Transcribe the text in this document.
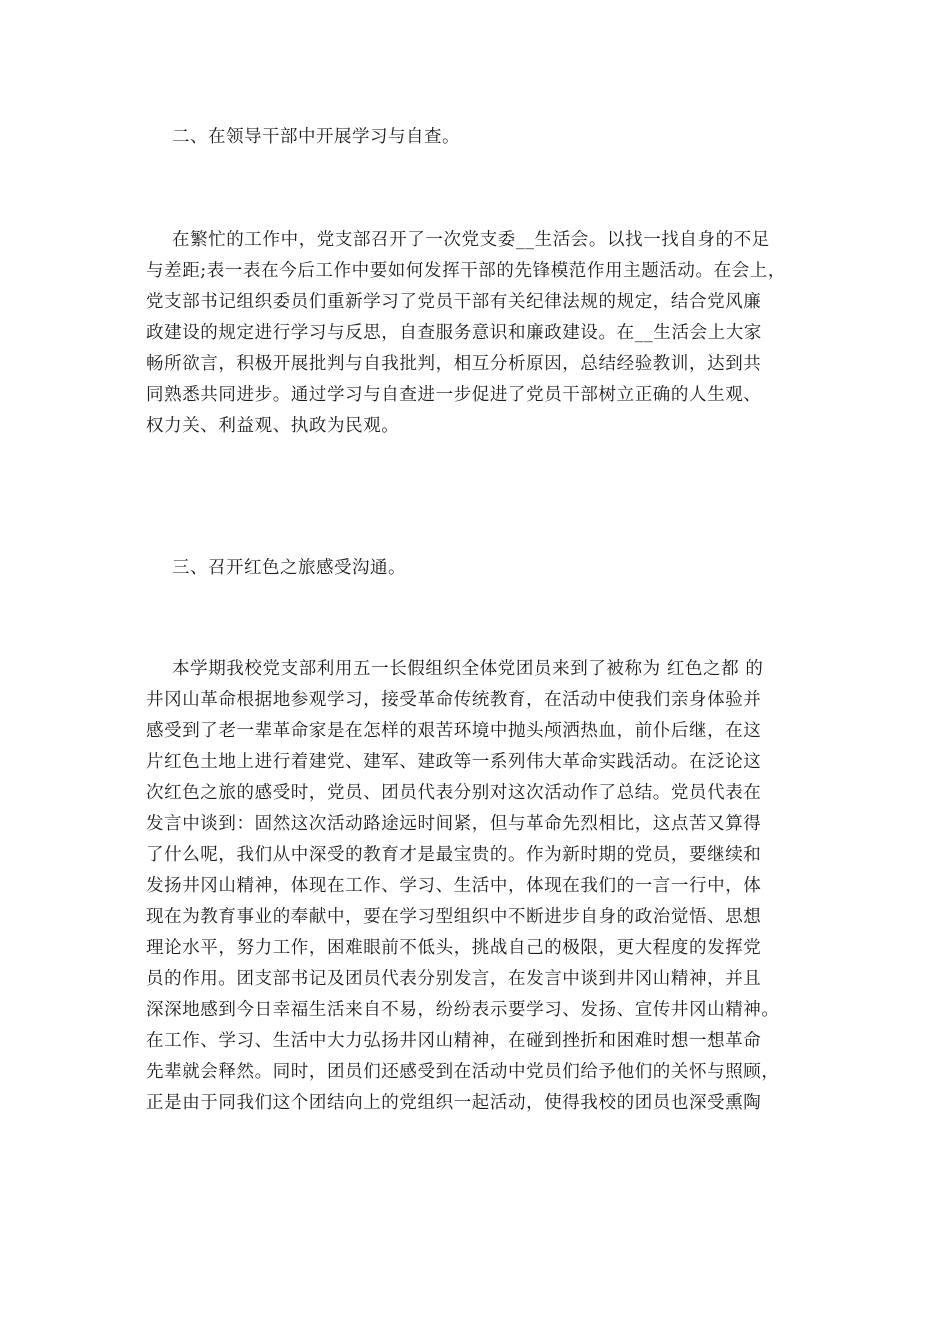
二、在领导干部中开展学习与自查。
在繁忙的工作中，党支部召开了一次党支委__生活会。以找一找自身的不足
与差距;表一表在今后工作中要如何发挥干部的先锋模范作用主题活动。在会上，
党支部书记组织委员们重新学习了党员干部有关纪律法规的规定，结合党风廉
政建设的规定进行学习与反思，自查服务意识和廉政建设。在__生活会上大家
畅所欲言，积极开展批判与自我批判，相互分析原因，总结经验教训，达到共
同熟悉共同进步。通过学习与自查进一步促进了党员干部树立正确的人生观、
权力关、利益观、执政为民观。
三、召开红色之旅感受沟通。
本学期我校党支部利用五一长假组织全体党团员来到了被称为 红色之都 的
井冈山革命根据地参观学习，接受革命传统教育，在活动中使我们亲身体验并
感受到了老一辈革命家是在怎样的艰苦环境中抛头颅洒热血，前仆后继，在这
片红色土地上进行着建党、建军、建政等一系列伟大革命实践活动。在泛论这
次红色之旅的感受时，党员、团员代表分别对这次活动作了总结。党员代表在
发言中谈到：固然这次活动路途远时间紧，但与革命先烈相比，这点苦又算得
了什么呢，我们从中深受的教育才是最宝贵的。作为新时期的党员，要继续和
发扬井冈山精神，体现在工作、学习、生活中，体现在我们的一言一行中，体
现在为教育事业的奉献中，要在学习型组织中不断进步自身的政治觉悟、思想
理论水平，努力工作，困难眼前不低头，挑战自己的极限，更大程度的发挥党
员的作用。团支部书记及团员代表分别发言，在发言中谈到井冈山精神，并且
深深地感到今日幸福生活来自不易，纷纷表示要学习、发扬、宣传井冈山精神。
在工作、学习、生活中大力弘扬井冈山精神，在碰到挫折和困难时想一想革命
先辈就会释然。同时，团员们还感受到在活动中党员们给予他们的关怀与照顾，
正是由于同我们这个团结向上的党组织一起活动，使得我校的团员也深受熏陶
